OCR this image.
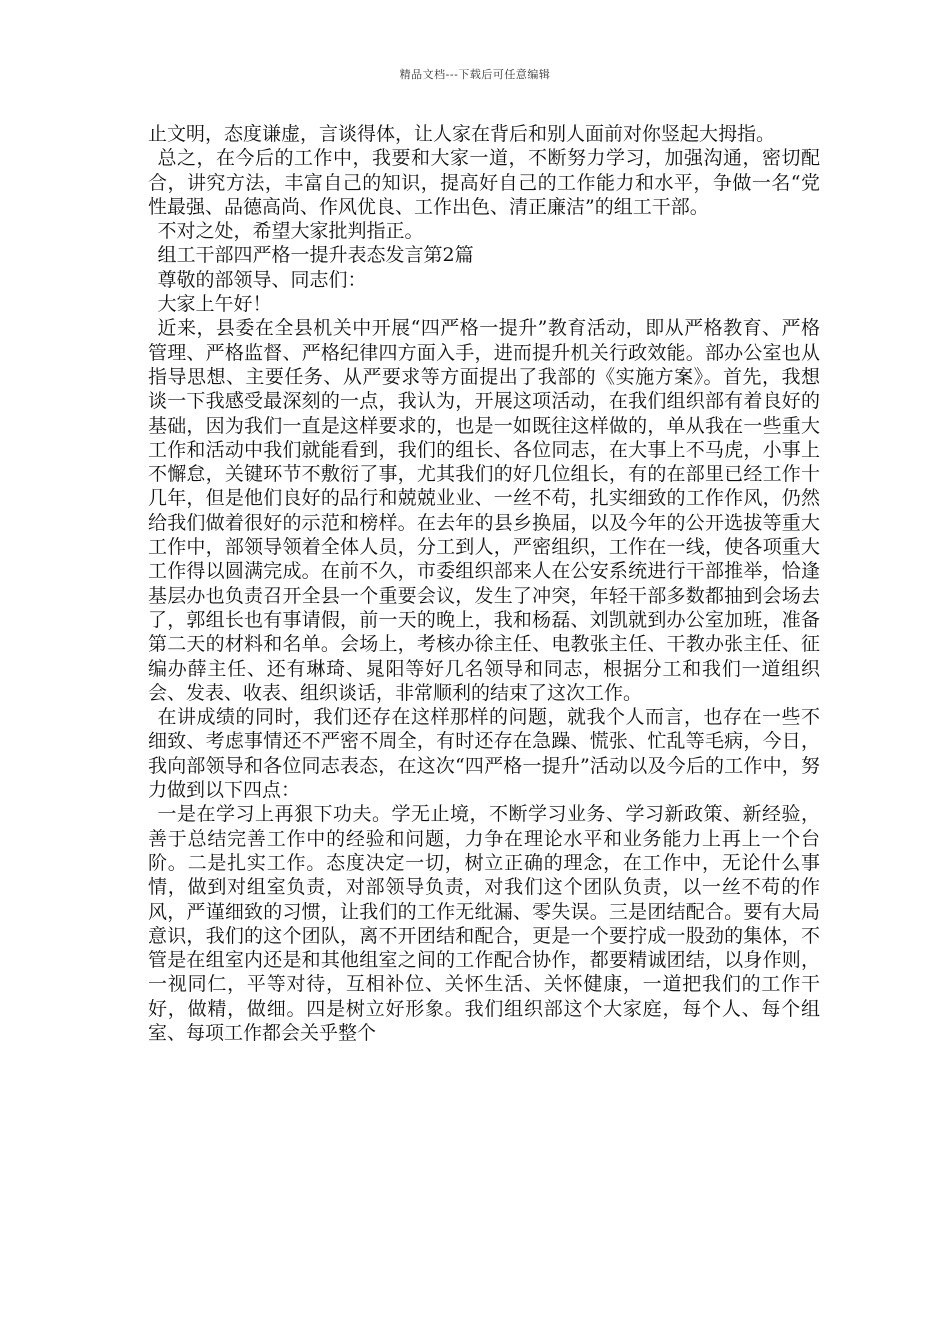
精品文档---下载后可任意编辑

止文明，态度谦虚，言谈得体，让人家在背后和别人面前对你竖起大拇指。

总之，在今后的工作中，我要和大家一道，不断努力学习，加强沟通，密切配合，讲究方法，丰富自己的知识，提高好自己的工作能力和水平，争做一名“党性最强、品德高尚、作风优良、工作出色、清正廉洁”的组工干部。

不对之处，希望大家批判指正。

组工干部四严格一提升表态发言第2篇

尊敬的部领导、同志们：

大家上午好！

近来，县委在全县机关中开展“四严格一提升”教育活动，即从严格教育、严格管理、严格监督、严格纪律四方面入手，进而提升机关行政效能。部办公室也从指导思想、主要任务、从严要求等方面提出了我部的《实施方案》。首先，我想谈一下我感受最深刻的一点，我认为，开展这项活动，在我们组织部有着良好的基础，因为我们一直是这样要求的，也是一如既往这样做的，单从我在一些重大工作和活动中我们就能看到，我们的组长、各位同志，在大事上不马虎，小事上不懈怠，关键环节不敷衍了事，尤其我们的好几位组长，有的在部里已经工作十几年，但是他们良好的品行和兢兢业业、一丝不苟，扎实细致的工作作风，仍然给我们做着很好的示范和榜样。在去年的县乡换届，以及今年的公开选拔等重大工作中，部领导领着全体人员，分工到人，严密组织，工作在一线，使各项重大工作得以圆满完成。在前不久，市委组织部来人在公安系统进行干部推举，恰逢基层办也负责召开全县一个重要会议，发生了冲突，年轻干部多数都抽到会场去了，郭组长也有事请假，前一天的晚上，我和杨磊、刘凯就到办公室加班，准备第二天的材料和名单。会场上，考核办徐主任、电教张主任、干教办张主任、征编办薛主任、还有琳琦、晁阳等好几名领导和同志，根据分工和我们一道组织会、发表、收表、组织谈话，非常顺利的结束了这次工作。

在讲成绩的同时，我们还存在这样那样的问题，就我个人而言，也存在一些不细致、考虑事情还不严密不周全，有时还存在急躁、慌张、忙乱等毛病，今日，我向部领导和各位同志表态，在这次“四严格一提升”活动以及今后的工作中，努力做到以下四点：

一是在学习上再狠下功夫。学无止境，不断学习业务、学习新政策、新经验，善于总结完善工作中的经验和问题，力争在理论水平和业务能力上再上一个台阶。二是扎实工作。态度决定一切，树立正确的理念，在工作中，无论什么事情，做到对组室负责，对部领导负责，对我们这个团队负责，以一丝不苟的作风，严谨细致的习惯，让我们的工作无纰漏、零失误。三是团结配合。要有大局意识，我们的这个团队，离不开团结和配合，更是一个要拧成一股劲的集体，不管是在组室内还是和其他组室之间的工作配合协作，都要精诚团结，以身作则，一视同仁，平等对待，互相补位、关怀生活、关怀健康，一道把我们的工作干好，做精，做细。四是树立好形象。我们组织部这个大家庭，每个人、每个组室、每项工作都会关乎整个
